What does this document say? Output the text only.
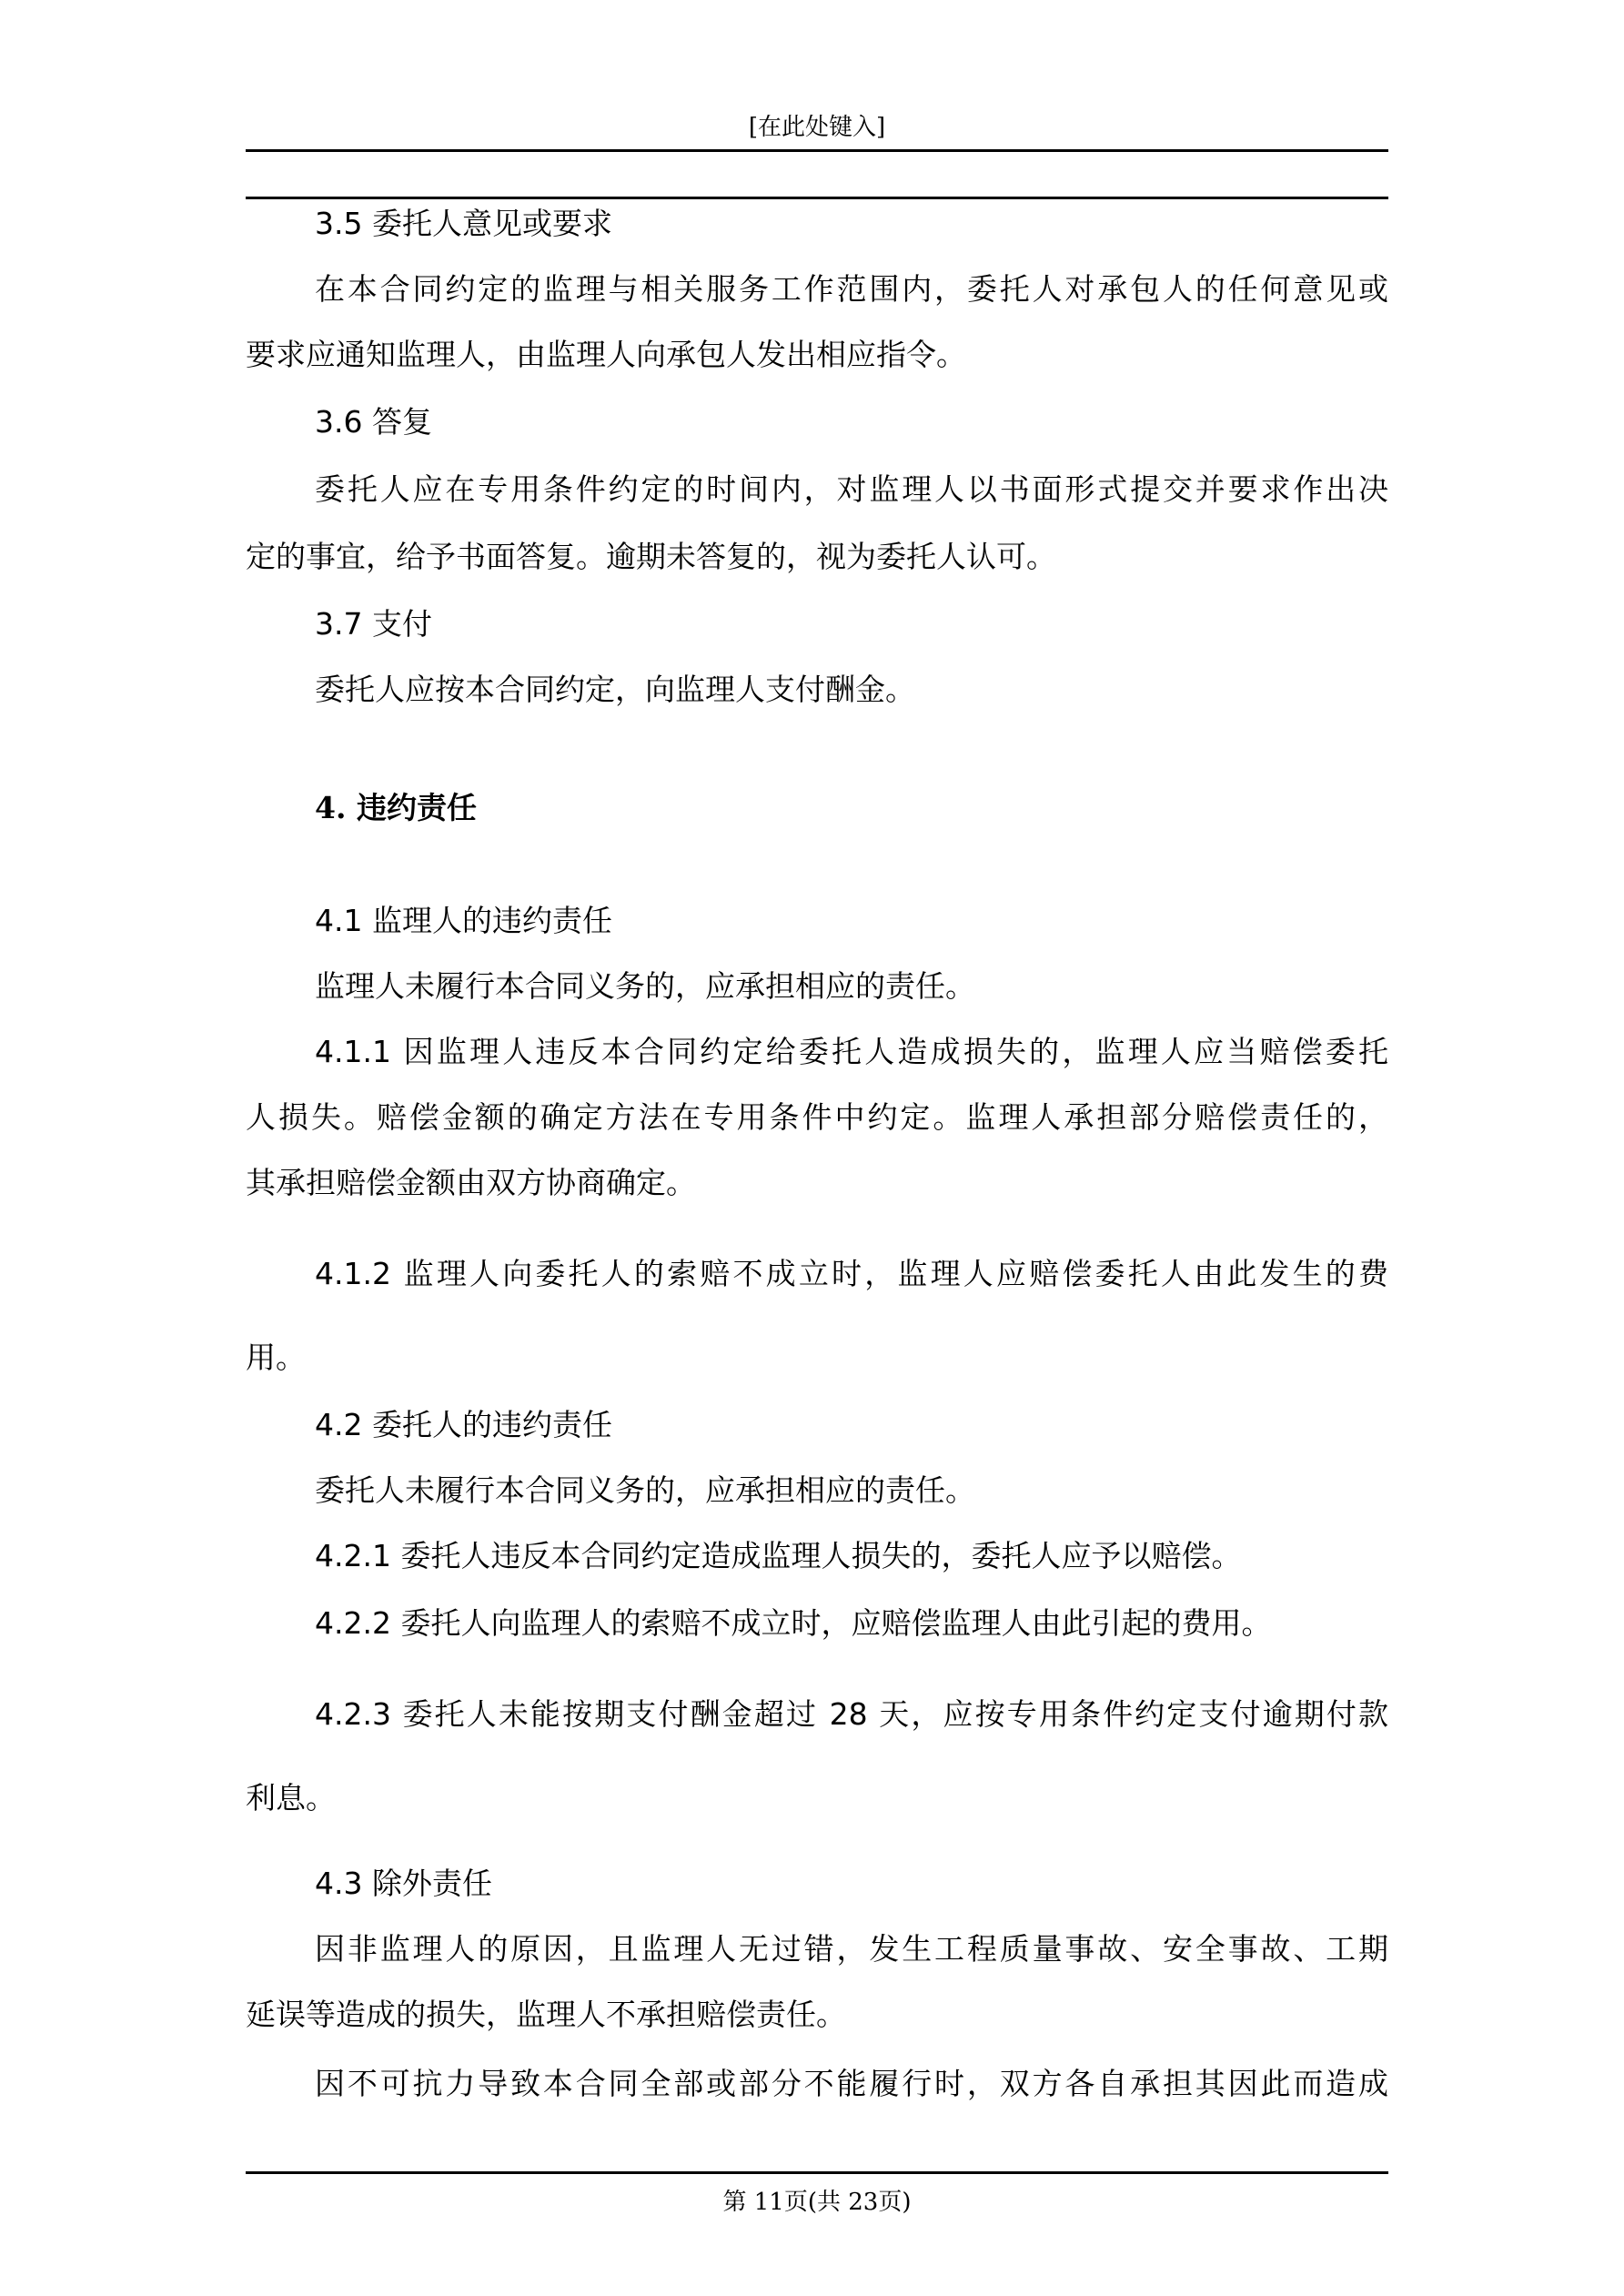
[在此处键入]
3.5 委托人意见或要求
在本合同约定的监理与相关服务工作范围内，委托人对承包人的任何意见或
要求应通知监理人，由监理人向承包人发出相应指令。
3.6 答复
委托人应在专用条件约定的时间内，对监理人以书面形式提交并要求作出决
定的事宜，给予书面答复。逾期未答复的，视为委托人认可。
3.7 支付
委托人应按本合同约定，向监理人支付酬金。
4. 违约责任
4.1 监理人的违约责任
监理人未履行本合同义务的，应承担相应的责任。
4.1.1 因监理人违反本合同约定给委托人造成损失的，监理人应当赔偿委托
人损失。赔偿金额的确定方法在专用条件中约定。监理人承担部分赔偿责任的，
其承担赔偿金额由双方协商确定。
4.1.2 监理人向委托人的索赔不成立时，监理人应赔偿委托人由此发生的费
用。
4.2 委托人的违约责任
委托人未履行本合同义务的，应承担相应的责任。
4.2.1 委托人违反本合同约定造成监理人损失的，委托人应予以赔偿。
4.2.2 委托人向监理人的索赔不成立时，应赔偿监理人由此引起的费用。
4.2.3 委托人未能按期支付酬金超过 28 天，应按专用条件约定支付逾期付款
利息。
4.3 除外责任
因非监理人的原因，且监理人无过错，发生工程质量事故、安全事故、工期
延误等造成的损失，监理人不承担赔偿责任。
因不可抗力导致本合同全部或部分不能履行时，双方各自承担其因此而造成
第 11页(共 23页)
